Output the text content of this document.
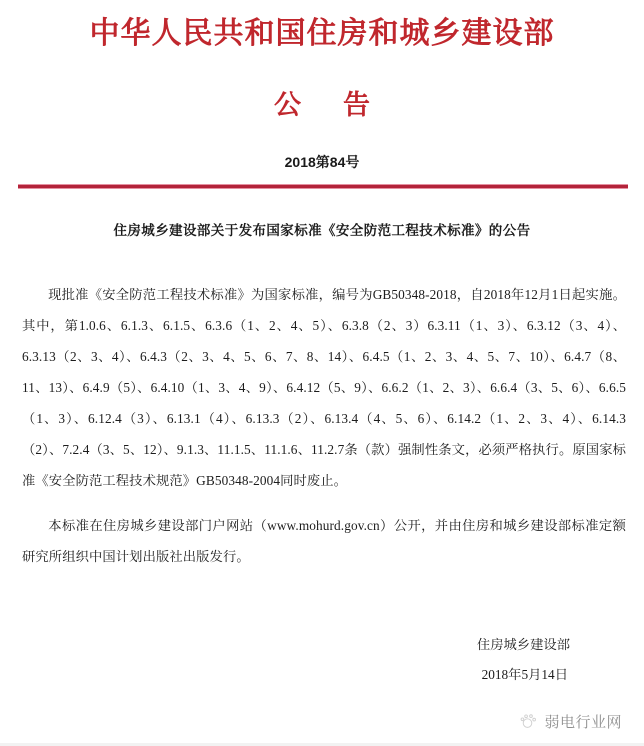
中华人民共和国住房和城乡建设部
公告
2018第84号
住房城乡建设部关于发布国家标准《安全防范工程技术标准》的公告

现批准《安全防范工程技术标准》为国家标准，编号为GB50348-2018，自2018年12月1日起实施。其中，第1.0.6、6.1.3、6.1.5、6.3.6（1、2、4、5）、6.3.8（2、3）6.3.11（1、3）、6.3.12（3、4）、6.3.13（2、3、4）、6.4.3（2、3、4、5、6、7、8、14）、6.4.5（1、2、3、4、5、7、10）、6.4.7（8、11、13）、6.4.9（5）、6.4.10（1、3、4、9）、6.4.12（5、9）、6.6.2（1、2、3）、6.6.4（3、5、6）、6.6.5（1、3）、6.12.4（3）、6.13.1（4）、6.13.3（2）、6.13.4（4、5、6）、6.14.2（1、2、3、4）、6.14.3（2）、7.2.4（3、5、12）、9.1.3、11.1.5、11.1.6、11.2.7条（款）强制性条文，必须严格执行。原国家标准《安全防范工程技术规范》GB50348-2004同时废止。

本标准在住房城乡建设部门户网站（www.mohurd.gov.cn）公开，并由住房和城乡建设部标准定额研究所组织中国计划出版社出版发行。

住房城乡建设部
2018年5月14日
弱电行业网
